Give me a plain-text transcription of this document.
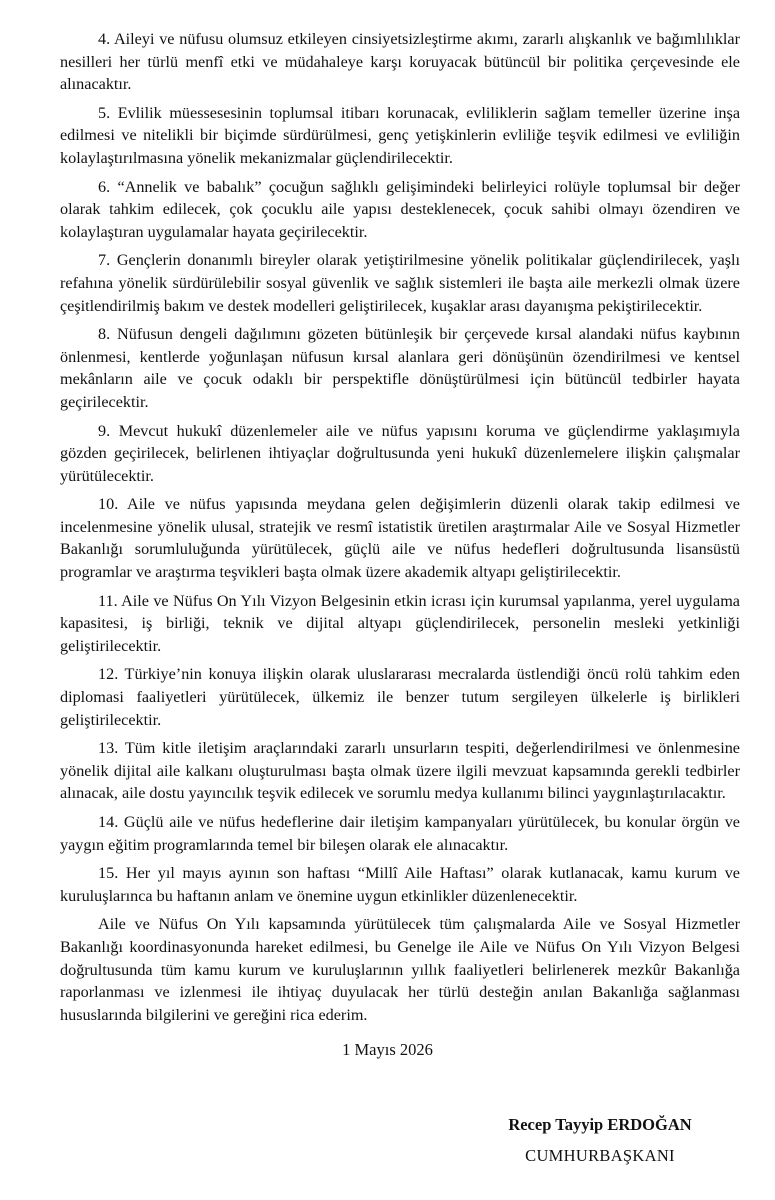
4. Aileyi ve nüfusu olumsuz etkileyen cinsiyetsizleştirme akımı, zararlı alışkanlık ve bağımlılıklar nesilleri her türlü menfî etki ve müdahaleye karşı koruyacak bütüncül bir politika çerçevesinde ele alınacaktır.

5. Evlilik müessesesinin toplumsal itibarı korunacak, evliliklerin sağlam temeller üzerine inşa edilmesi ve nitelikli bir biçimde sürdürülmesi, genç yetişkinlerin evliliğe teşvik edilmesi ve evliliğin kolaylaştırılmasına yönelik mekanizmalar güçlendirilecektir.

6. “Annelik ve babalık” çocuğun sağlıklı gelişimindeki belirleyici rolüyle toplumsal bir değer olarak tahkim edilecek, çok çocuklu aile yapısı desteklenecek, çocuk sahibi olmayı özendiren ve kolaylaştıran uygulamalar hayata geçirilecektir.

7. Gençlerin donanımlı bireyler olarak yetiştirilmesine yönelik politikalar güçlendirilecek, yaşlı refahına yönelik sürdürülebilir sosyal güvenlik ve sağlık sistemleri ile başta aile merkezli olmak üzere çeşitlendirilmiş bakım ve destek modelleri geliştirilecek, kuşaklar arası dayanışma pekiştirilecektir.

8. Nüfusun dengeli dağılımını gözeten bütünleşik bir çerçevede kırsal alandaki nüfus kaybının önlenmesi, kentlerde yoğunlaşan nüfusun kırsal alanlara geri dönüşünün özendirilmesi ve kentsel mekânların aile ve çocuk odaklı bir perspektifle dönüştürülmesi için bütüncül tedbirler hayata geçirilecektir.

9. Mevcut hukukî düzenlemeler aile ve nüfus yapısını koruma ve güçlendirme yaklaşımıyla gözden geçirilecek, belirlenen ihtiyaçlar doğrultusunda yeni hukukî düzenlemelere ilişkin çalışmalar yürütülecektir.

10. Aile ve nüfus yapısında meydana gelen değişimlerin düzenli olarak takip edilmesi ve incelenmesine yönelik ulusal, stratejik ve resmî istatistik üretilen araştırmalar Aile ve Sosyal Hizmetler Bakanlığı sorumluluğunda yürütülecek, güçlü aile ve nüfus hedefleri doğrultusunda lisansüstü programlar ve araştırma teşvikleri başta olmak üzere akademik altyapı geliştirilecektir.

11. Aile ve Nüfus On Yılı Vizyon Belgesinin etkin icrası için kurumsal yapılanma, yerel uygulama kapasitesi, iş birliği, teknik ve dijital altyapı güçlendirilecek, personelin mesleki yetkinliği geliştirilecektir.

12. Türkiye’nin konuya ilişkin olarak uluslararası mecralarda üstlendiği öncü rolü tahkim eden diplomasi faaliyetleri yürütülecek, ülkemiz ile benzer tutum sergileyen ülkelerle iş birlikleri geliştirilecektir.

13. Tüm kitle iletişim araçlarındaki zararlı unsurların tespiti, değerlendirilmesi ve önlenmesine yönelik dijital aile kalkanı oluşturulması başta olmak üzere ilgili mevzuat kapsamında gerekli tedbirler alınacak, aile dostu yayıncılık teşvik edilecek ve sorumlu medya kullanımı bilinci yaygınlaştırılacaktır.

14. Güçlü aile ve nüfus hedeflerine dair iletişim kampanyaları yürütülecek, bu konular örgün ve yaygın eğitim programlarında temel bir bileşen olarak ele alınacaktır.

15. Her yıl mayıs ayının son haftası “Millî Aile Haftası” olarak kutlanacak, kamu kurum ve kuruluşlarınca bu haftanın anlam ve önemine uygun etkinlikler düzenlenecektir.

Aile ve Nüfus On Yılı kapsamında yürütülecek tüm çalışmalarda Aile ve Sosyal Hizmetler Bakanlığı koordinasyonunda hareket edilmesi, bu Genelge ile Aile ve Nüfus On Yılı Vizyon Belgesi doğrultusunda tüm kamu kurum ve kuruluşlarının yıllık faaliyetleri belirlenerek mezkûr Bakanlığa raporlanması ve izlenmesi ile ihtiyaç duyulacak her türlü desteğin anılan Bakanlığa sağlanması hususlarında bilgilerini ve gereğini rica ederim.

1 Mayıs 2026
Recep Tayyip ERDOĞAN
CUMHURBAŞKANI
